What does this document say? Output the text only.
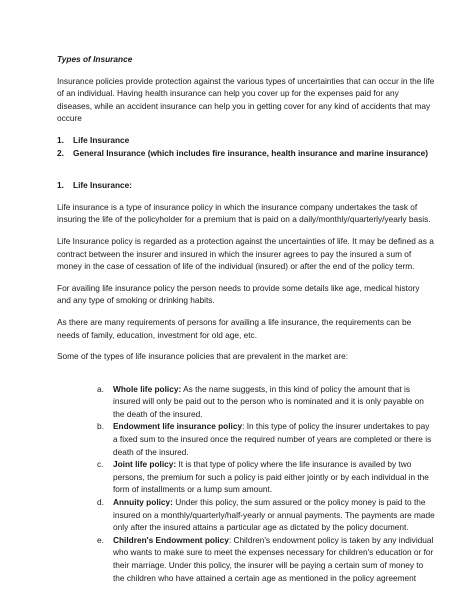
Types of Insurance

Insurance policies provide protection against the various types of uncertainties that can occur in the life of an individual. Having health insurance can help you cover up for the expenses paid for any diseases, while an accident insurance can help you in getting cover for any kind of accidents that may occure

1.	Life Insurance
2.	General Insurance (which includes fire insurance, health insurance and marine insurance)
1.	Life Insurance:

Life insurance is a type of insurance policy in which the insurance company undertakes the task of insuring the life of the policyholder for a premium that is paid on a daily/monthly/quarterly/yearly basis.

Life Insurance policy is regarded as a protection against the uncertainties of life. It may be defined as a contract between the insurer and insured in which the insurer agrees to pay the insured a sum of money in the case of cessation of life of the individual (insured) or after the end of the policy term.

For availing life insurance policy the person needs to provide some details like age, medical history and any type of smoking or drinking habits.

As there are many requirements of persons for availing a life insurance, the requirements can be needs of family, education, investment for old age, etc.

Some of the types of life insurance policies that are prevalent in the market are:

a.	Whole life policy: As the name suggests, in this kind of policy the amount that is insured will only be paid out to the person who is nominated and it is only payable on the death of the insured.
b.	Endowment life insurance policy: In this type of policy the insurer undertakes to pay a fixed sum to the insured once the required number of years are completed or there is death of the insured.
c.	Joint life policy: It is that type of policy where the life insurance is availed by two persons, the premium for such a policy is paid either jointly or by each individual in the form of installments or a lump sum amount.
d.	Annuity policy: Under this policy, the sum assured or the policy money is paid to the insured on a monthly/quarterly/half-yearly or annual payments. The payments are made only after the insured attains a particular age as dictated by the policy document.
e.	Children's Endowment policy: Children's endowment policy is taken by any individual who wants to make sure to meet the expenses necessary for children's education or for their marriage. Under this policy, the insurer will be paying a certain sum of money to the children who have attained a certain age as mentioned in the policy agreement
